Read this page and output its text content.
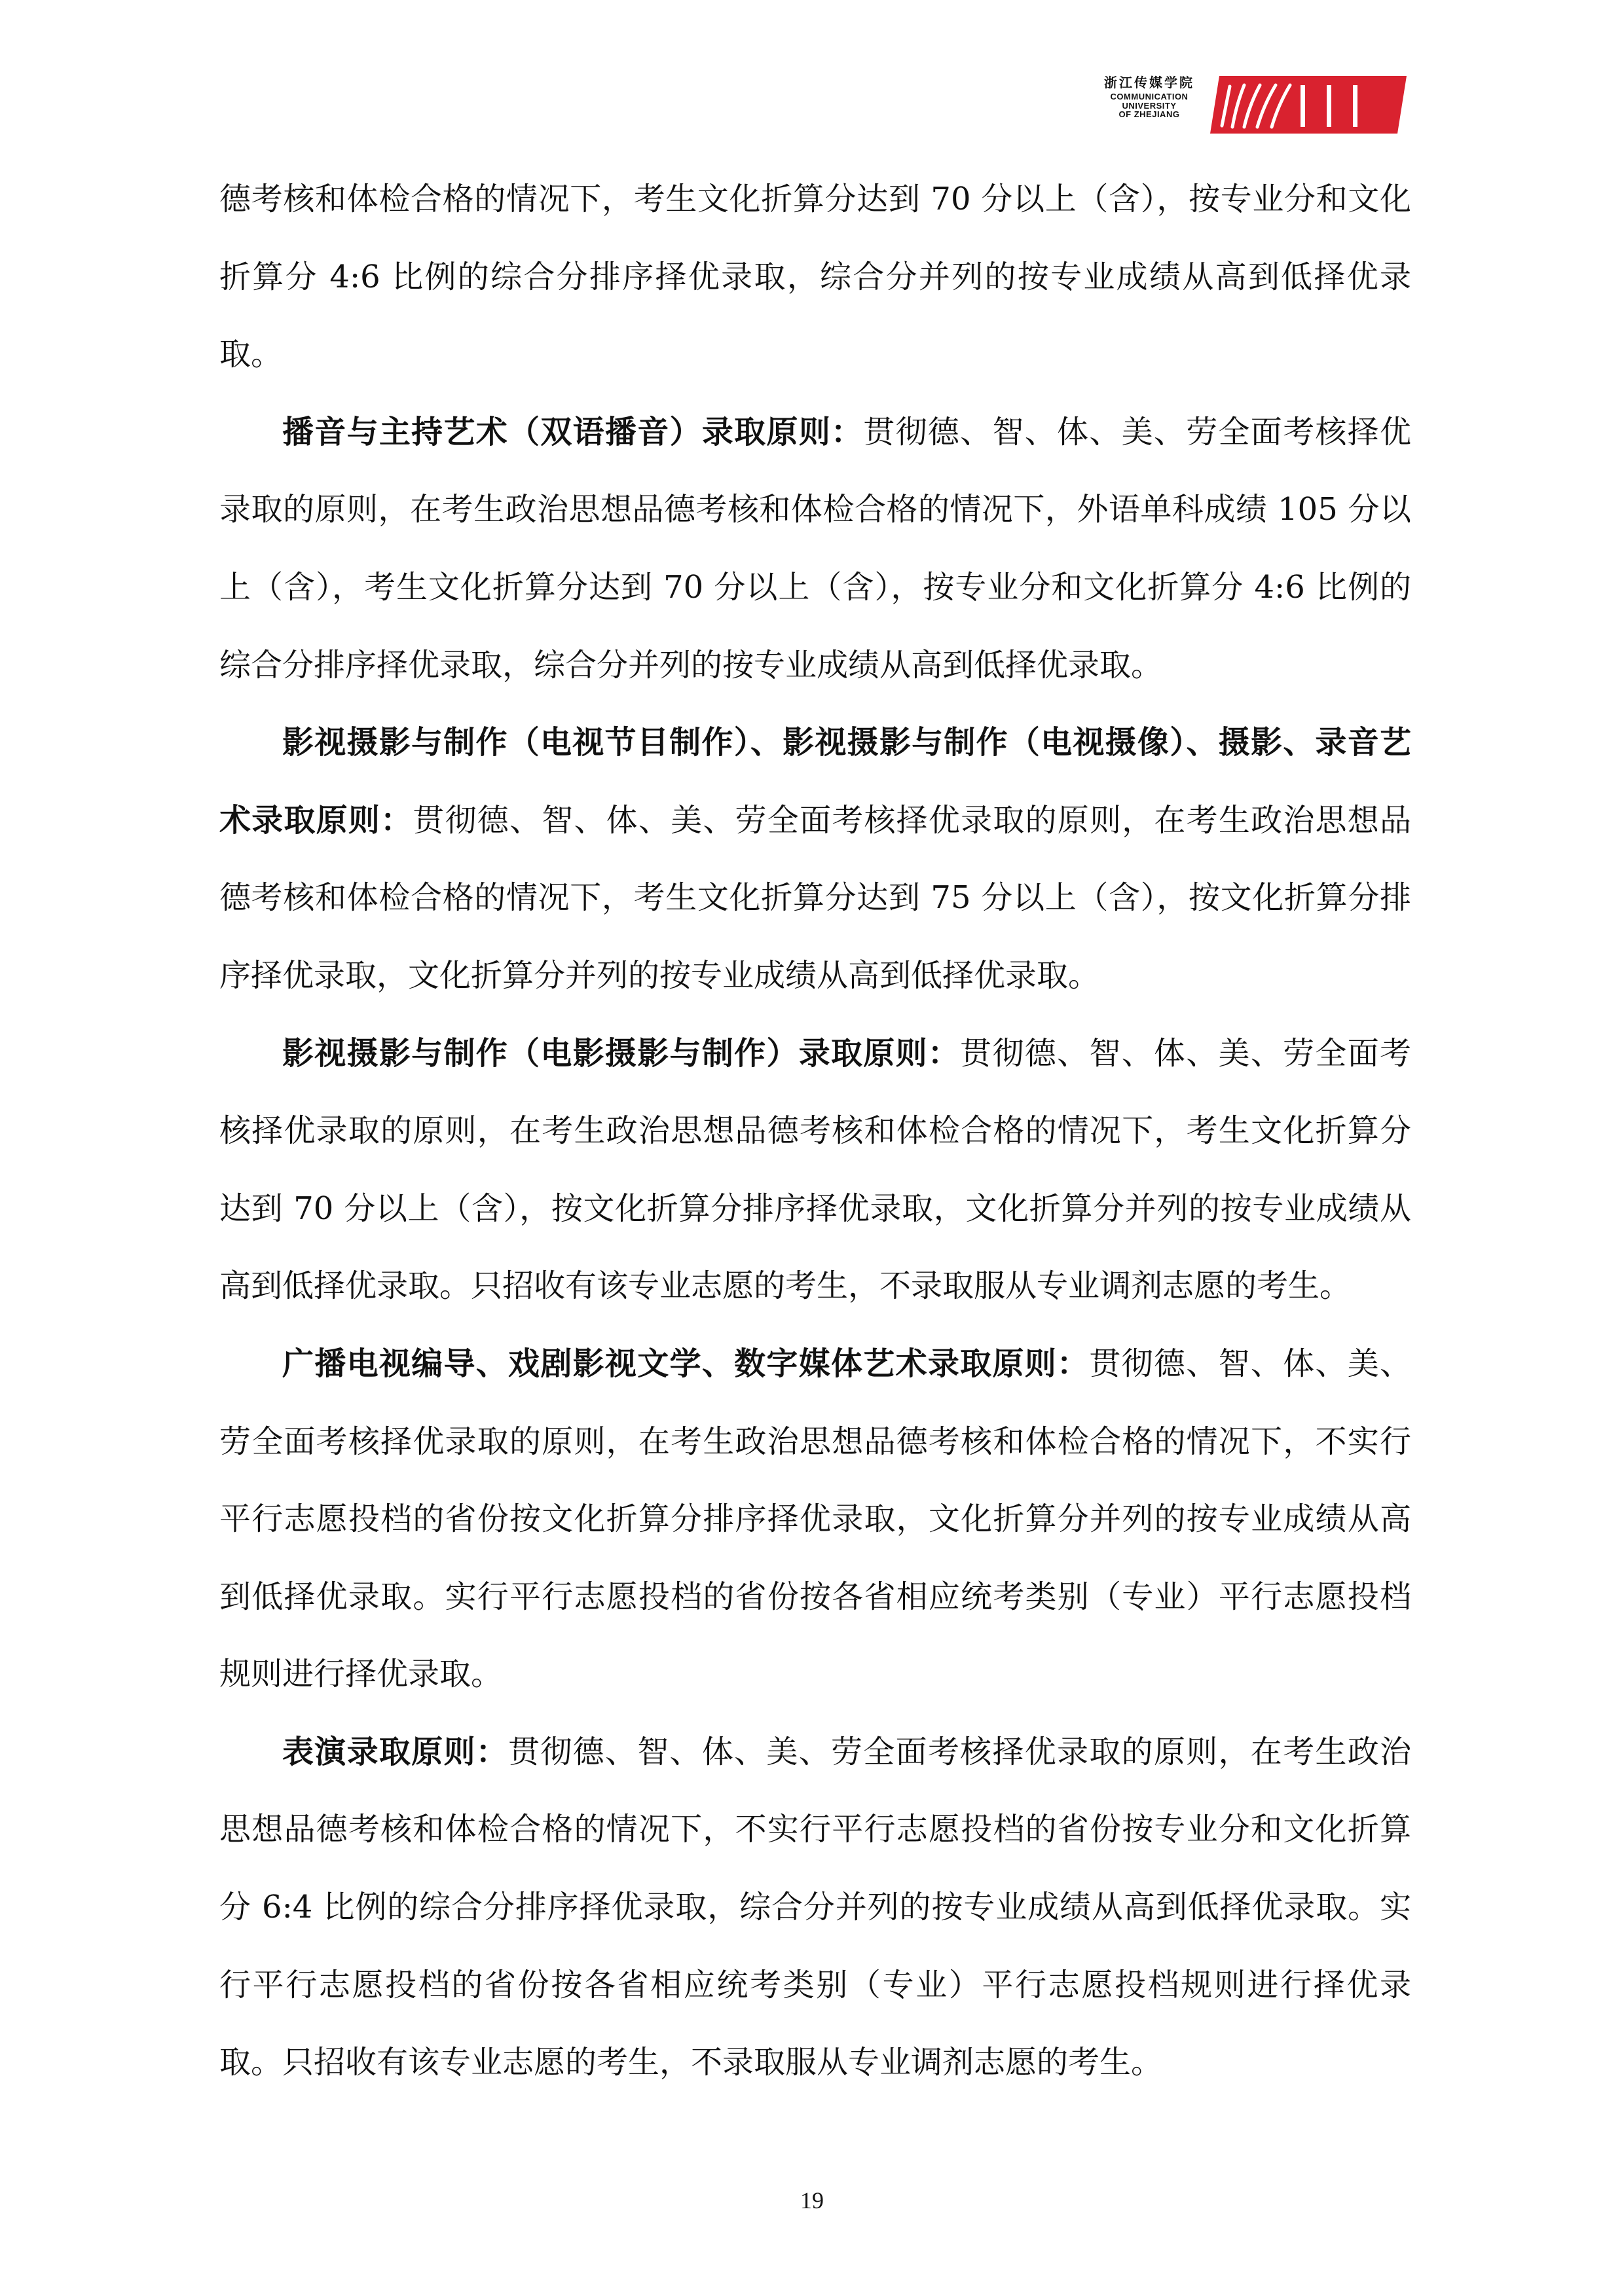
浙江传媒学院
COMMUNICATION
UNIVERSITY
OF ZHEJIANG

德考核和体检合格的情况下，考生文化折算分达到 70 分以上（含），按专业分和文化折算分 4:6 比例的综合分排序择优录取，综合分并列的按专业成绩从高到低择优录取。

播音与主持艺术（双语播音）录取原则：贯彻德、智、体、美、劳全面考核择优录取的原则，在考生政治思想品德考核和体检合格的情况下，外语单科成绩 105 分以上（含），考生文化折算分达到 70 分以上（含），按专业分和文化折算分 4:6 比例的综合分排序择优录取，综合分并列的按专业成绩从高到低择优录取。

影视摄影与制作（电视节目制作）、影视摄影与制作（电视摄像）、摄影、录音艺术录取原则：贯彻德、智、体、美、劳全面考核择优录取的原则，在考生政治思想品德考核和体检合格的情况下，考生文化折算分达到 75 分以上（含），按文化折算分排序择优录取，文化折算分并列的按专业成绩从高到低择优录取。

影视摄影与制作（电影摄影与制作）录取原则：贯彻德、智、体、美、劳全面考核择优录取的原则，在考生政治思想品德考核和体检合格的情况下，考生文化折算分达到 70 分以上（含），按文化折算分排序择优录取，文化折算分并列的按专业成绩从高到低择优录取。只招收有该专业志愿的考生，不录取服从专业调剂志愿的考生。

广播电视编导、戏剧影视文学、数字媒体艺术录取原则：贯彻德、智、体、美、劳全面考核择优录取的原则，在考生政治思想品德考核和体检合格的情况下，不实行平行志愿投档的省份按文化折算分排序择优录取，文化折算分并列的按专业成绩从高到低择优录取。实行平行志愿投档的省份按各省相应统考类别（专业）平行志愿投档规则进行择优录取。

表演录取原则：贯彻德、智、体、美、劳全面考核择优录取的原则，在考生政治思想品德考核和体检合格的情况下，不实行平行志愿投档的省份按专业分和文化折算分 6:4 比例的综合分排序择优录取，综合分并列的按专业成绩从高到低择优录取。实行平行志愿投档的省份按各省相应统考类别（专业）平行志愿投档规则进行择优录取。只招收有该专业志愿的考生，不录取服从专业调剂志愿的考生。

19
